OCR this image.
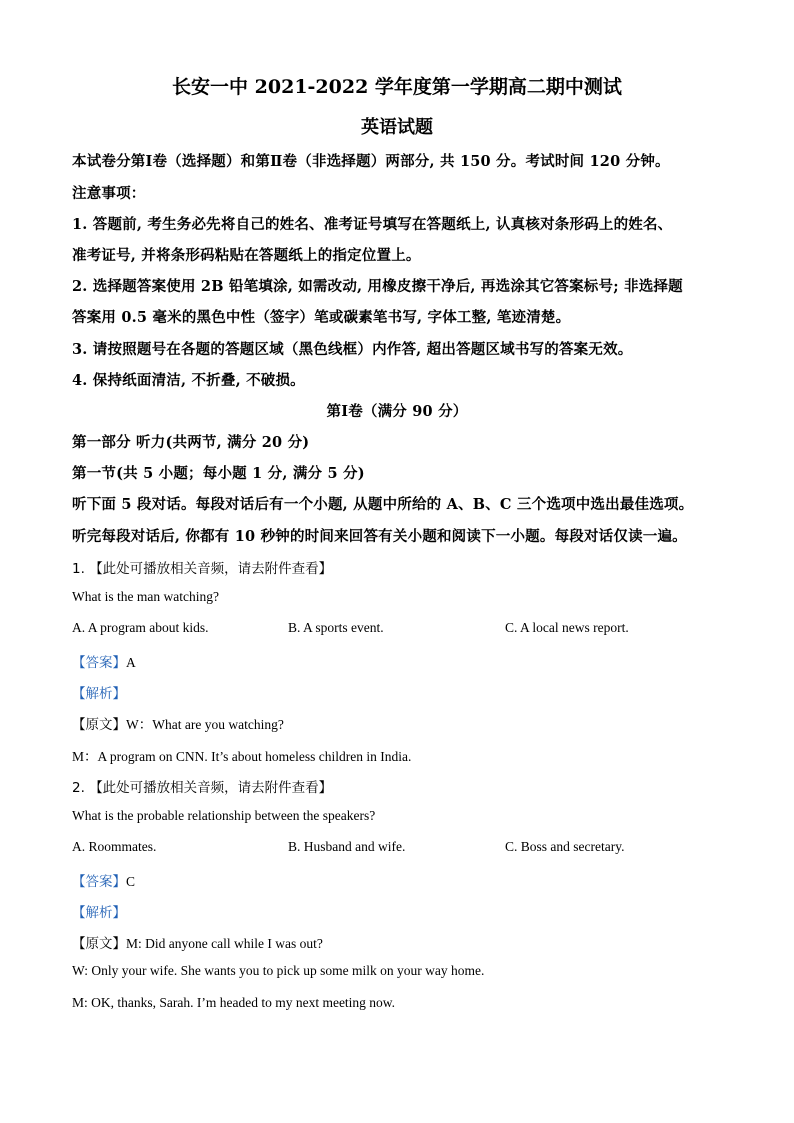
长安一中 2021-2022 学年度第一学期高二期中测试
英语试题
本试卷分第Ⅰ卷（选择题）和第Ⅱ卷（非选择题）两部分, 共 150 分。考试时间 120 分钟。
注意事项：
1. 答题前, 考生务必先将自己的姓名、准考证号填写在答题纸上, 认真核对条形码上的姓名、
准考证号, 并将条形码粘贴在答题纸上的指定位置上。
2. 选择题答案使用 2B 铅笔填涂, 如需改动, 用橡皮擦干净后, 再选涂其它答案标号; 非选择题
答案用 0.5 毫米的黑色中性（签字）笔或碳素笔书写, 字体工整, 笔迹清楚。
3. 请按照题号在各题的答题区域（黑色线框）内作答, 超出答题区域书写的答案无效。
4. 保持纸面清洁, 不折叠, 不破损。
第Ⅰ卷（满分 90 分）
第一部分 听力(共两节, 满分 20 分)
第一节(共 5 小题；每小题 1 分, 满分 5 分)
听下面 5 段对话。每段对话后有一个小题, 从题中所给的 A、B、C 三个选项中选出最佳选项。
听完每段对话后, 你都有 10 秒钟的时间来回答有关小题和阅读下一小题。每段对话仅读一遍。
1. 【此处可播放相关音频，请去附件查看】
What is the man watching?
A. A program about kids.	B. A sports event.	C. A local news report.
【答案】A
【解析】
【原文】W：What are you watching?
M：A program on CNN. It’s about homeless children in India.
2. 【此处可播放相关音频，请去附件查看】
What is the probable relationship between the speakers?
A. Roommates.	B. Husband and wife.	C. Boss and secretary.
【答案】C
【解析】
【原文】M: Did anyone call while I was out?
W: Only your wife. She wants you to pick up some milk on your way home.
M: OK, thanks, Sarah. I’m headed to my next meeting now.
